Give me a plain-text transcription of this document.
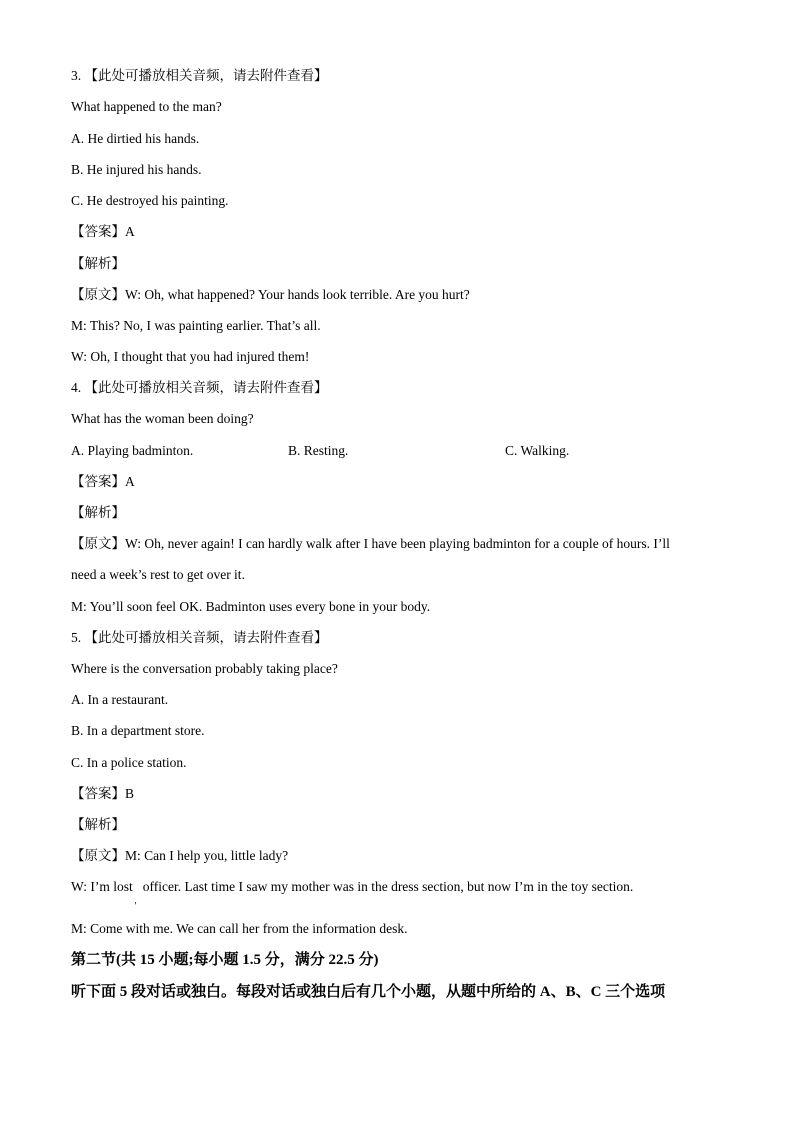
3. 【此处可播放相关音频，请去附件查看】
What happened to the man?
A. He dirtied his hands.
B. He injured his hands.
C. He destroyed his painting.
【答案】A
【解析】
【原文】W: Oh, what happened? Your hands look terrible. Are you hurt?
M: This? No, I was painting earlier. That’s all.
W: Oh, I thought that you had injured them!
4. 【此处可播放相关音频，请去附件查看】
What has the woman been doing?
A. Playing badminton.	B. Resting.	C. Walking.
【答案】A
【解析】
【原文】W: Oh, never again! I can hardly walk after I have been playing badminton for a couple of hours. I’ll
need a week’s rest to get over it.
M: You’ll soon feel OK. Badminton uses every bone in your body.
5. 【此处可播放相关音频，请去附件查看】
Where is the conversation probably taking place?
A. In a restaurant.
B. In a department store.
C. In a police station.
【答案】B
【解析】
【原文】M: Can I help you, little lady?
W: I’m lost officer. Last time I saw my mother was in the dress section, but now I’m in the toy section.
M: Come with me. We can call her from the information desk.
第二节(共 15 小题;每小题 1.5 分，满分 22.5 分)
听下面 5 段对话或独白。每段对话或独白后有几个小题，从题中所给的 A、B、C 三个选项
